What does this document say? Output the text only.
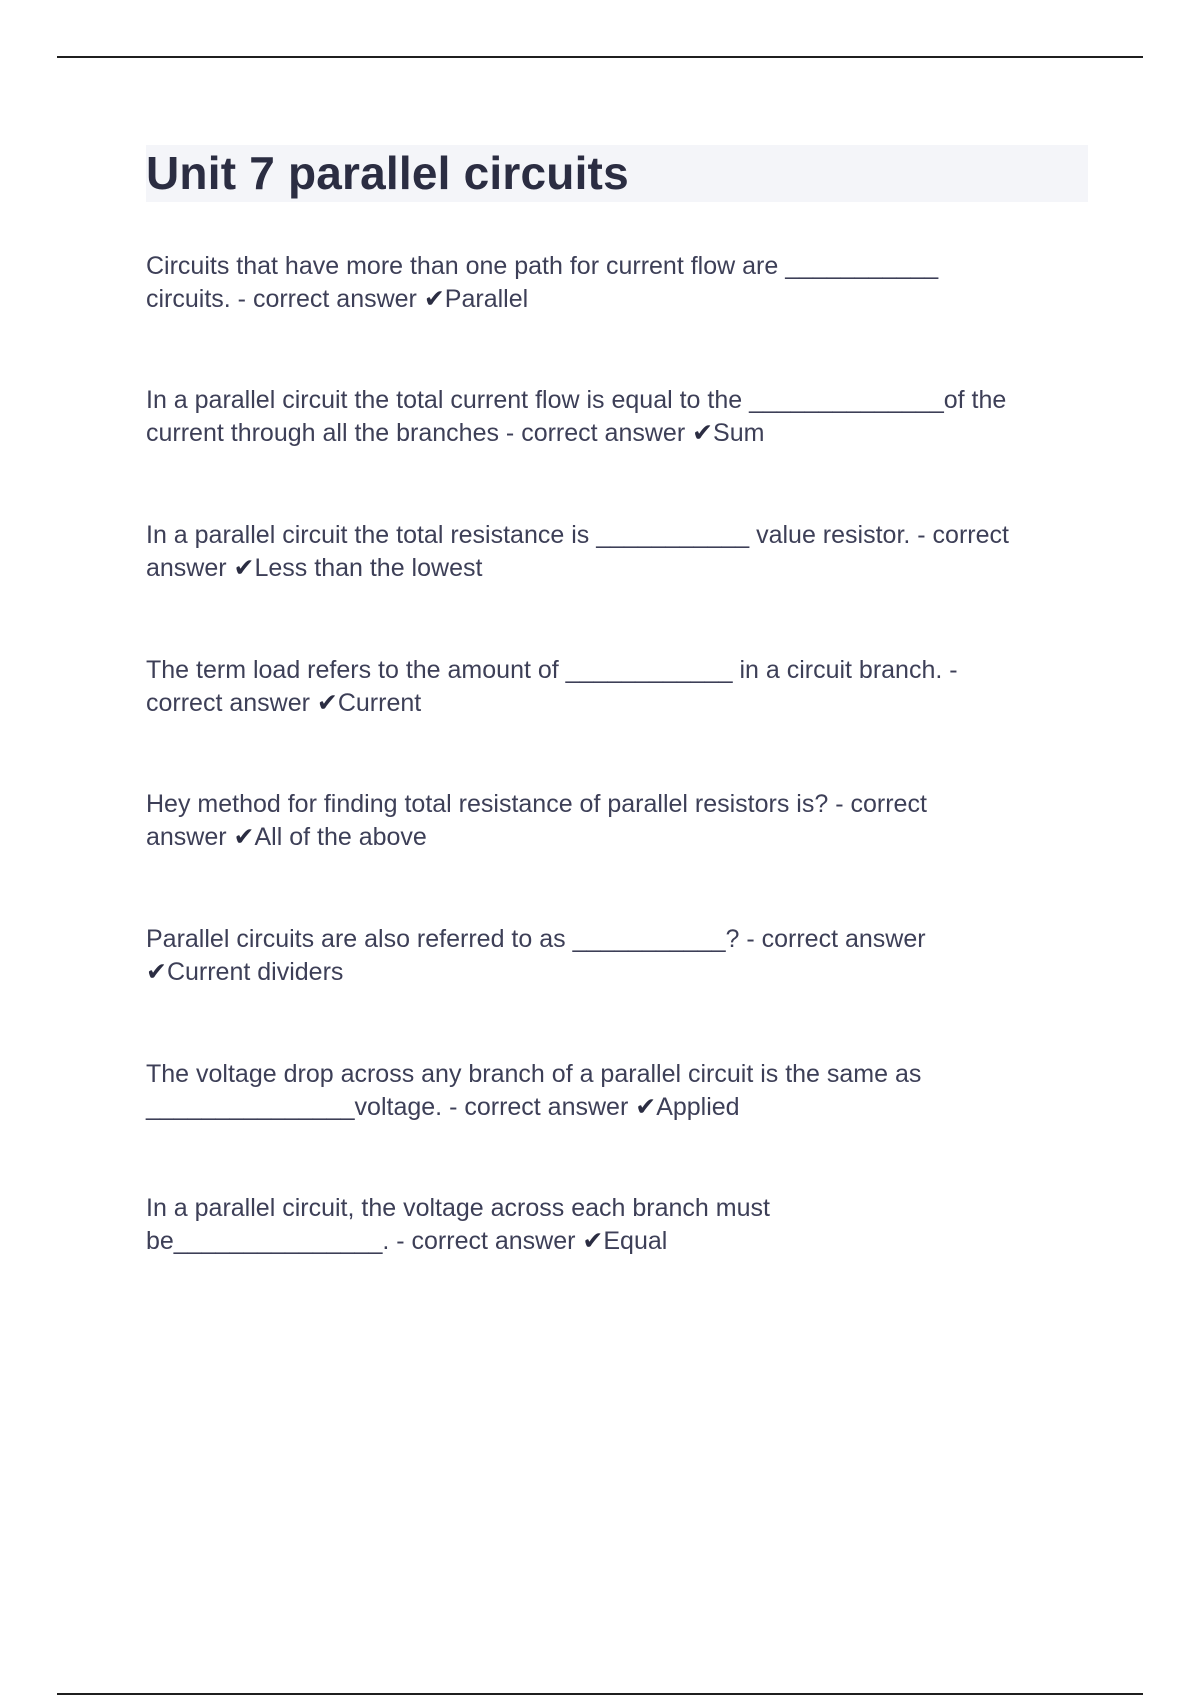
Unit 7 parallel circuits

Circuits that have more than one path for current flow are ___________
circuits. - correct answer ✔Parallel

In a parallel circuit the total current flow is equal to the ______________of the
current through all the branches - correct answer ✔Sum

In a parallel circuit the total resistance is ___________ value resistor. - correct
answer ✔Less than the lowest

The term load refers to the amount of ____________ in a circuit branch. -
correct answer ✔Current

Hey method for finding total resistance of parallel resistors is? - correct
answer ✔All of the above

Parallel circuits are also referred to as ___________? - correct answer
✔Current dividers

The voltage drop across any branch of a parallel circuit is the same as
_______________voltage. - correct answer ✔Applied

In a parallel circuit, the voltage across each branch must
be_______________. - correct answer ✔Equal
